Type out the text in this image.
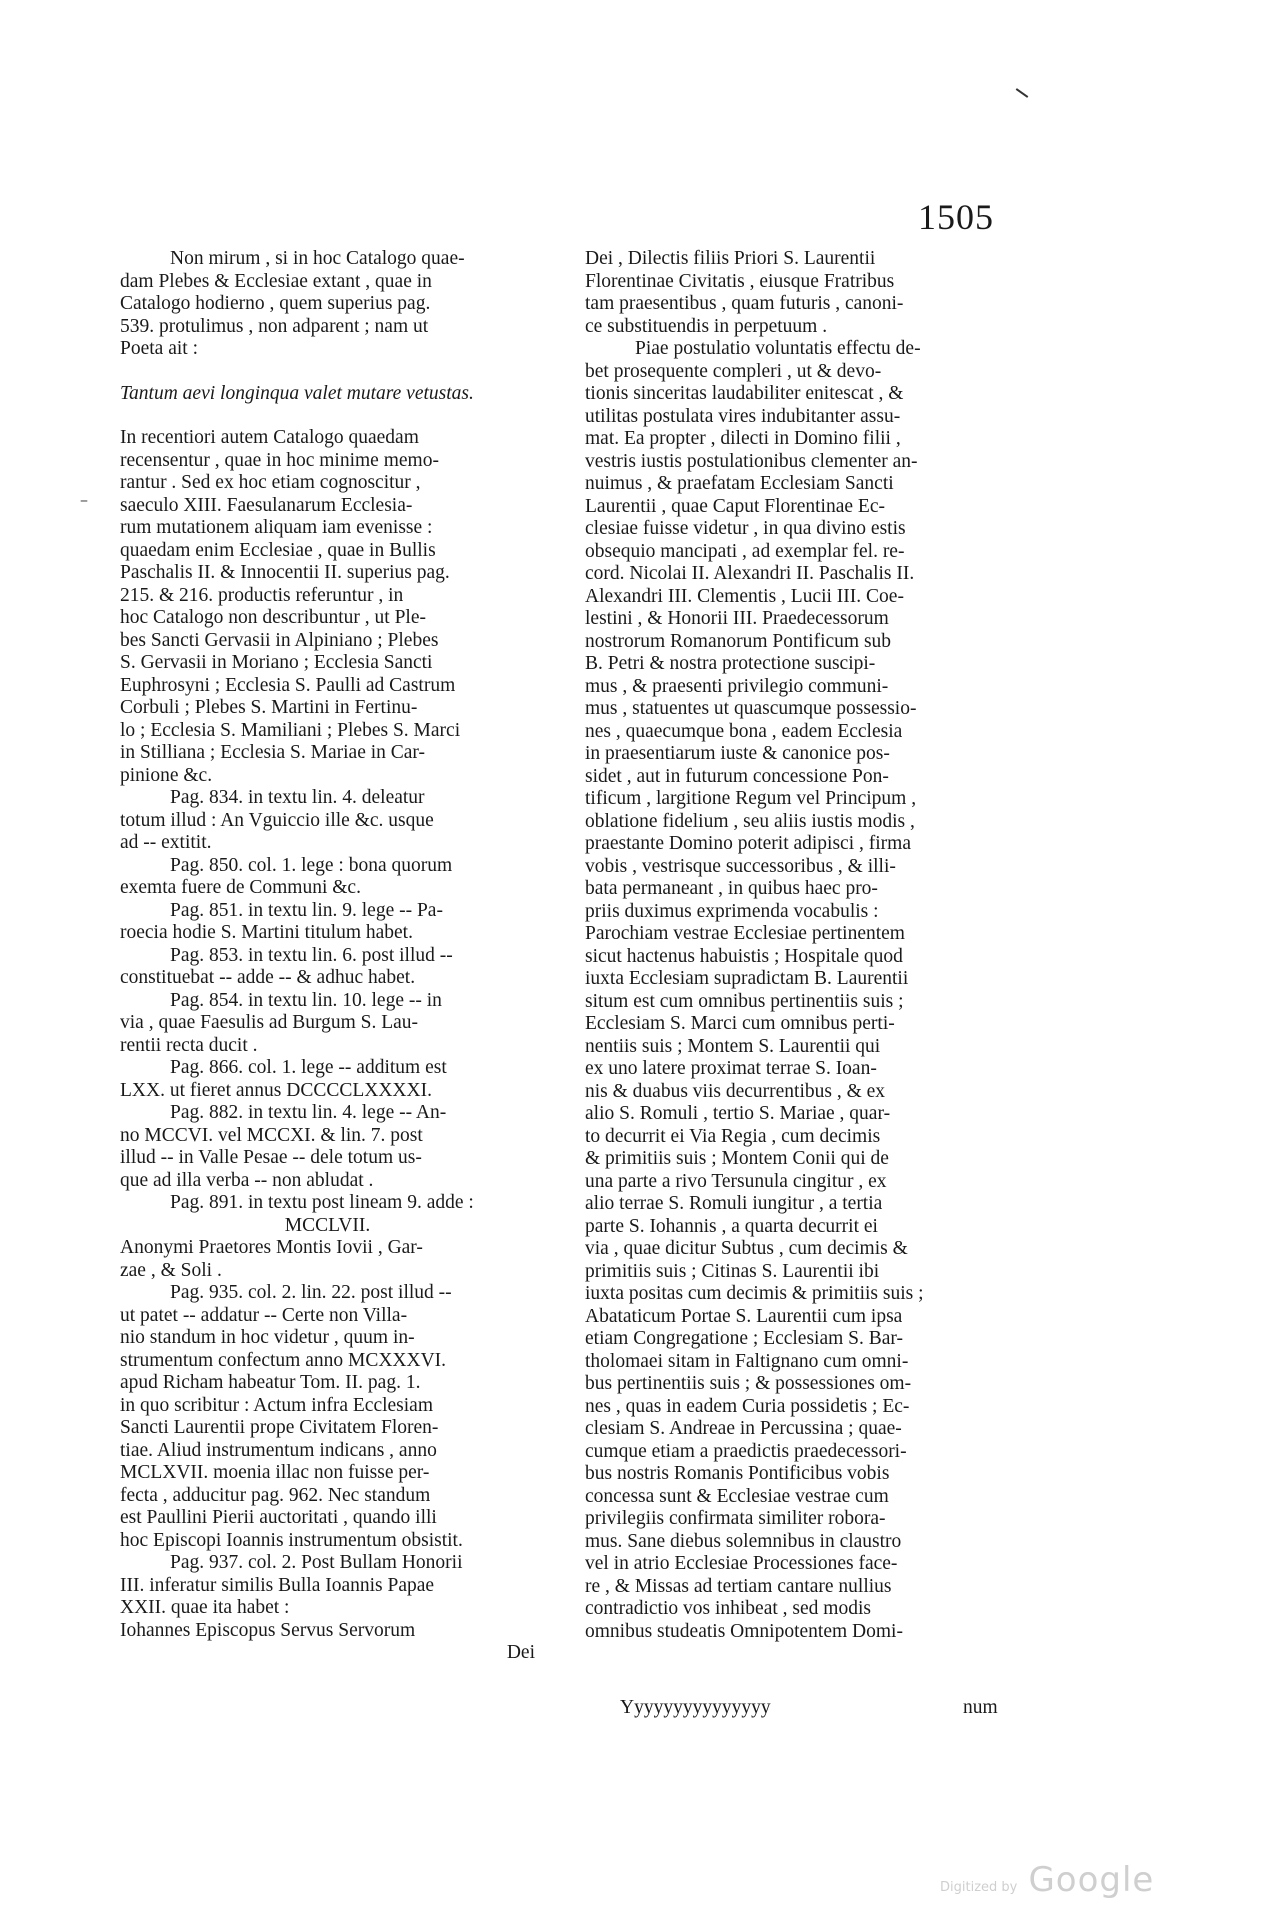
1505
–
Non mirum , si in hoc Catalogo quae-
dam Plebes & Ecclesiae extant , quae in
Catalogo hodierno , quem superius pag.
539. protulimus , non adparent ; nam ut
Poeta ait :
Tantum aevi longinqua valet mutare vetustas.
In recentiori autem Catalogo quaedam
recensentur , quae in hoc minime memo-
rantur . Sed ex hoc etiam cognoscitur ,
saeculo XIII. Faesulanarum Ecclesia-
rum mutationem aliquam iam evenisse :
quaedam enim Ecclesiae , quae in Bullis
Paschalis II. & Innocentii II. superius pag.
215. & 216. productis referuntur , in
hoc Catalogo non describuntur , ut Ple-
bes Sancti Gervasii in Alpiniano ; Plebes
S. Gervasii in Moriano ; Ecclesia Sancti
Euphrosyni ; Ecclesia S. Paulli ad Castrum
Corbuli ; Plebes S. Martini in Fertinu-
lo ; Ecclesia S. Mamiliani ; Plebes S. Marci
in Stilliana ; Ecclesia S. Mariae in Car-
pinione &c.
Pag. 834. in textu lin. 4. deleatur
totum illud : An Vguiccio ille &c. usque
ad -- extitit.
Pag. 850. col. 1. lege : bona quorum
exemta fuere de Communi &c.
Pag. 851. in textu lin. 9. lege -- Pa-
roecia hodie S. Martini titulum habet.
Pag. 853. in textu lin. 6. post illud --
constituebat -- adde -- & adhuc habet.
Pag. 854. in textu lin. 10. lege -- in
via , quae Faesulis ad Burgum S. Lau-
rentii recta ducit .
Pag. 866. col. 1. lege -- additum est
LXX. ut fieret annus DCCCCLXXXXI.
Pag. 882. in textu lin. 4. lege -- An-
no MCCVI. vel MCCXI. & lin. 7. post
illud -- in Valle Pesae -- dele totum us-
que ad illa verba -- non abludat .
Pag. 891. in textu post lineam 9. adde :
MCCLVII.
Anonymi Praetores Montis Iovii , Gar-
zae , & Soli .
Pag. 935. col. 2. lin. 22. post illud --
ut patet -- addatur -- Certe non Villa-
nio standum in hoc videtur , quum in-
strumentum confectum anno MCXXXVI.
apud Richam habeatur Tom. II. pag. 1.
in quo scribitur : Actum infra Ecclesiam
Sancti Laurentii prope Civitatem Floren-
tiae. Aliud instrumentum indicans , anno
MCLXVII. moenia illac non fuisse per-
fecta , adducitur pag. 962. Nec standum
est Paullini Pierii auctoritati , quando illi
hoc Episcopi Ioannis instrumentum obsistit.
Pag. 937. col. 2. Post Bullam Honorii
III. inferatur similis Bulla Ioannis Papae
XXII. quae ita habet :
Iohannes Episcopus Servus Servorum
Dei
Dei , Dilectis filiis Priori S. Laurentii
Florentinae Civitatis , eiusque Fratribus
tam praesentibus , quam futuris , canoni-
ce substituendis in perpetuum .
Piae postulatio voluntatis effectu de-
bet prosequente compleri , ut & devo-
tionis sinceritas laudabiliter enitescat , &
utilitas postulata vires indubitanter assu-
mat. Ea propter , dilecti in Domino filii ,
vestris iustis postulationibus clementer an-
nuimus , & praefatam Ecclesiam Sancti
Laurentii , quae Caput Florentinae Ec-
clesiae fuisse videtur , in qua divino estis
obsequio mancipati , ad exemplar fel. re-
cord. Nicolai II. Alexandri II. Paschalis II.
Alexandri III. Clementis , Lucii III. Coe-
lestini , & Honorii III. Praedecessorum
nostrorum Romanorum Pontificum sub
B. Petri & nostra protectione suscipi-
mus , & praesenti privilegio communi-
mus , statuentes ut quascumque possessio-
nes , quaecumque bona , eadem Ecclesia
in praesentiarum iuste & canonice pos-
sidet , aut in futurum concessione Pon-
tificum , largitione Regum vel Principum ,
oblatione fidelium , seu aliis iustis modis ,
praestante Domino poterit adipisci , firma
vobis , vestrisque successoribus , & illi-
bata permaneant , in quibus haec pro-
priis duximus exprimenda vocabulis :
Parochiam vestrae Ecclesiae pertinentem
sicut hactenus habuistis ; Hospitale quod
iuxta Ecclesiam supradictam B. Laurentii
situm est cum omnibus pertinentiis suis ;
Ecclesiam S. Marci cum omnibus perti-
nentiis suis ; Montem S. Laurentii qui
ex uno latere proximat terrae S. Ioan-
nis & duabus viis decurrentibus , & ex
alio S. Romuli , tertio S. Mariae , quar-
to decurrit ei Via Regia , cum decimis
& primitiis suis ; Montem Conii qui de
una parte a rivo Tersunula cingitur , ex
alio terrae S. Romuli iungitur , a tertia
parte S. Iohannis , a quarta decurrit ei
via , quae dicitur Subtus , cum decimis &
primitiis suis ; Citinas S. Laurentii ibi
iuxta positas cum decimis & primitiis suis ;
Abataticum Portae S. Laurentii cum ipsa
etiam Congregatione ; Ecclesiam S. Bar-
tholomaei sitam in Faltignano cum omni-
bus pertinentiis suis ; & possessiones om-
nes , quas in eadem Curia possidetis ; Ec-
clesiam S. Andreae in Percussina ; quae-
cumque etiam a praedictis praedecessori-
bus nostris Romanis Pontificibus vobis
concessa sunt & Ecclesiae vestrae cum
privilegiis confirmata similiter robora-
mus. Sane diebus solemnibus in claustro
vel in atrio Ecclesiae Processiones face-
re , & Missas ad tertiam cantare nullius
contradictio vos inhibeat , sed modis
omnibus studeatis Omnipotentem Domi-
Yyyyyyyyyyyyyyy	num
Digitized by Google
